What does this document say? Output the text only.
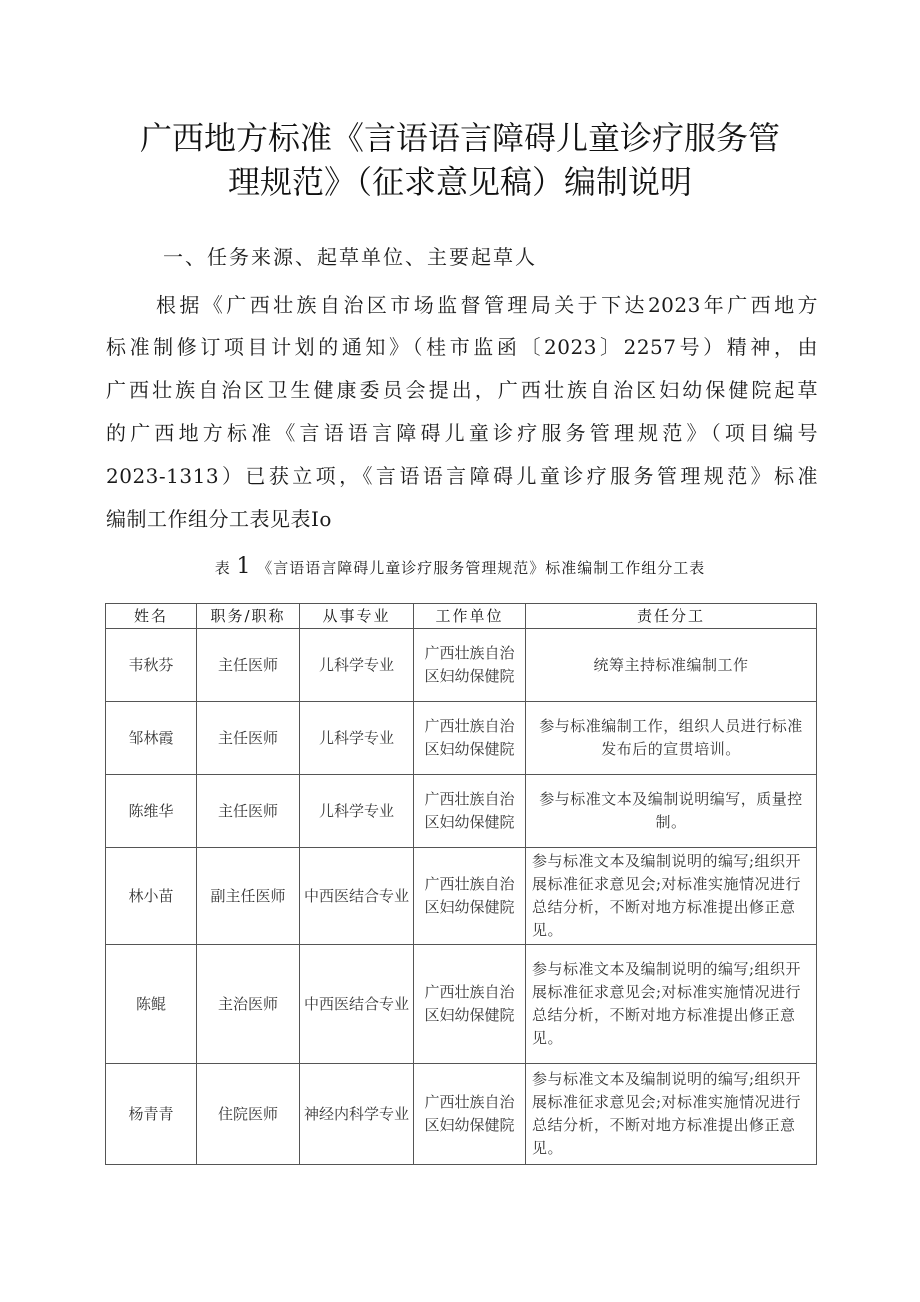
广西地方标准《言语语言障碍儿童诊疗服务管
理规范》（征求意见稿）编制说明
一、任务来源、起草单位、主要起草人
根据《广西壮族自治区市场监督管理局关于下达2023年广西地方
标准制修订项目计划的通知》（桂市监函〔2023〕2257号）精神，由
广西壮族自治区卫生健康委员会提出，广西壮族自治区妇幼保健院起草
的广西地方标准《言语语言障碍儿童诊疗服务管理规范》（项目编号
2023-1313）已获立项，《言语语言障碍儿童诊疗服务管理规范》标准
编制工作组分工表见表Io
表 1 《言语语言障碍儿童诊疗服务管理规范》标准编制工作组分工表
姓名	职务/职称	从事专业	工作单位	责任分工
韦秋芬	主任医师	儿科学专业	广西壮族自治区妇幼保健院	统筹主持标准编制工作
邹林霞	主任医师	儿科学专业	广西壮族自治区妇幼保健院	参与标准编制工作，组织人员进行标准发布后的宣贯培训。
陈维华	主任医师	儿科学专业	广西壮族自治区妇幼保健院	参与标准文本及编制说明编写，质量控制。
林小苗	副主任医师	中西医结合专业	广西壮族自治区妇幼保健院	参与标准文本及编制说明的编写;组织开展标准征求意见会;对标准实施情况进行总结分析，不断对地方标准提出修正意见。
陈鲲	主治医师	中西医结合专业	广西壮族自治区妇幼保健院	参与标准文本及编制说明的编写;组织开展标准征求意见会;对标准实施情况进行总结分析，不断对地方标准提出修正意见。
杨青青	住院医师	神经内科学专业	广西壮族自治区妇幼保健院	参与标准文本及编制说明的编写;组织开展标准征求意见会;对标准实施情况进行总结分析，不断对地方标准提出修正意见。
